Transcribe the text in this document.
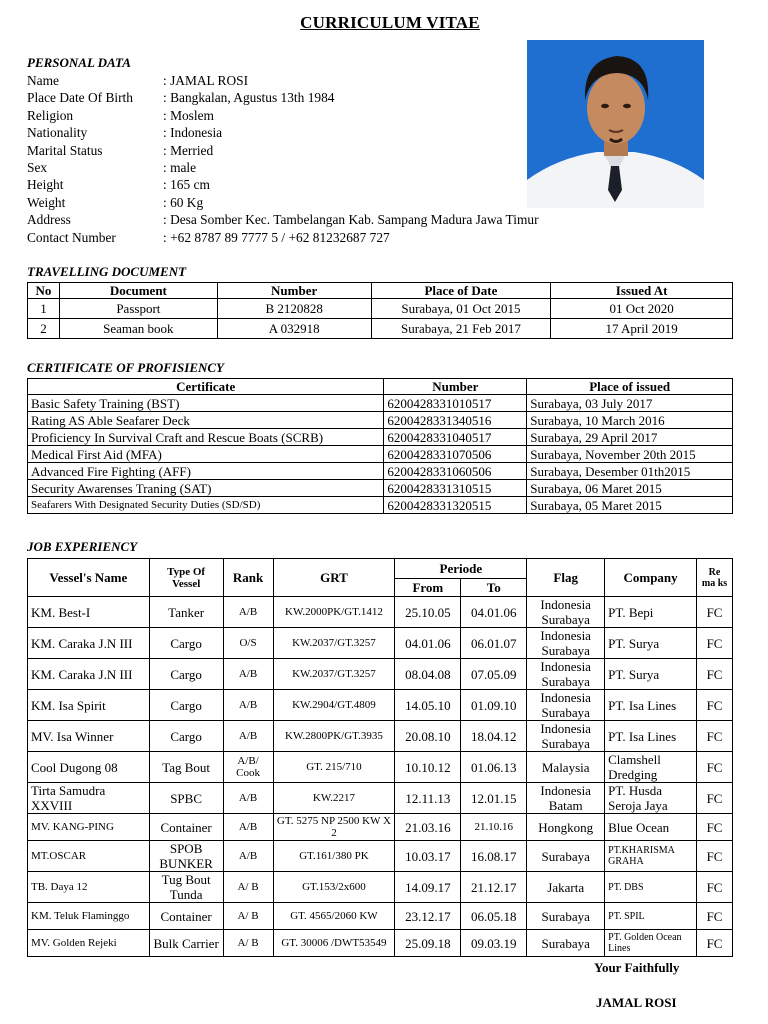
CURRICULUM VITAE
PERSONAL DATA
Name	: JAMAL ROSI
Place Date Of Birth : Bangkalan, Agustus 13th 1984
Religion	: Moslem
Nationality	: Indonesia
Marital Status	: Merried
Sex	: male
Height	: 165 cm
Weight	: 60 Kg
Address	: Desa Somber Kec. Tambelangan Kab. Sampang Madura Jawa Timur
Contact Number	: +62 8787 89 7777 5 / +62 81232687 727
TRAVELLING DOCUMENT
No	Document	Number	Place of Date	Issued At
1	Passport	B 2120828	Surabaya, 01 Oct 2015	01 Oct 2020
2	Seaman book	A 032918	Surabaya, 21 Feb 2017	17 April 2019
CERTIFICATE OF PROFISIENCY
Certificate	Number	Place of issued
Basic Safety Training (BST)	6200428331010517	Surabaya, 03 July 2017
Rating AS Able Seafarer Deck	6200428331340516	Surabaya, 10 March 2016
Proficiency In Survival Craft and Rescue Boats (SCRB)	6200428331040517	Surabaya, 29 April 2017
Medical First Aid (MFA)	6200428331070506	Surabaya, November 20th 2015
Advanced Fire Fighting (AFF)	6200428331060506	Surabaya, Desember 01th2015
Security Awarenses Traning (SAT)	6200428331310515	Surabaya, 06 Maret 2015
Seafarers With Designated Security Duties (SD/SD)	6200428331320515	Surabaya, 05 Maret 2015
JOB EXPERIENCY
Vessel's Name	Type Of Vessel	Rank	GRT	Periode		Flag	Company	Re ma ks
				From	To			
KM. Best-I	Tanker	A/B	KW.2000PK/GT.1412	25.10.05	04.01.06	Indonesia Surabaya	PT. Bepi	FC
KM. Caraka J.N III	Cargo	O/S	KW.2037/GT.3257	04.01.06	06.01.07	Indonesia Surabaya	PT. Surya	FC
KM. Caraka J.N III	Cargo	A/B	KW.2037/GT.3257	08.04.08	07.05.09	Indonesia Surabaya	PT. Surya	FC
KM. Isa Spirit	Cargo	A/B	KW.2904/GT.4809	14.05.10	01.09.10	Indonesia Surabaya	PT. Isa Lines	FC
MV. Isa Winner	Cargo	A/B	KW.2800PK/GT.3935	20.08.10	18.04.12	Indonesia Surabaya	PT. Isa Lines	FC
Cool Dugong 08	Tag Bout	A/B/ Cook	GT. 215/710	10.10.12	01.06.13	Malaysia	Clamshell Dredging	FC
Tirta Samudra XXVIII	SPBC	A/B	KW.2217	12.11.13	12.01.15	Indonesia Batam	PT. Husda Seroja Jaya	FC
MV. KANG-PING	Container	A/B	GT. 5275 NP 2500 KW X 2	21.03.16	21.10.16	Hongkong	Blue Ocean	FC
MT.OSCAR	SPOB BUNKER	A/B	GT.161/380 PK	10.03.17	16.08.17	Surabaya	PT.KHARISMA GRAHA	FC
TB. Daya 12	Tug Bout Tunda	A/ B	GT.153/2x600	14.09.17	21.12.17	Jakarta	PT. DBS	FC
KM. Teluk Flaminggo	Container	A/ B	GT. 4565/2060 KW	23.12.17	06.05.18	Surabaya	PT. SPIL	FC
MV. Golden Rejeki	Bulk Carrier	A/ B	GT. 30006 /DWT53549	25.09.18	09.03.19	Surabaya	PT. Golden Ocean Lines	FC
Your Faithfully
JAMAL ROSI
